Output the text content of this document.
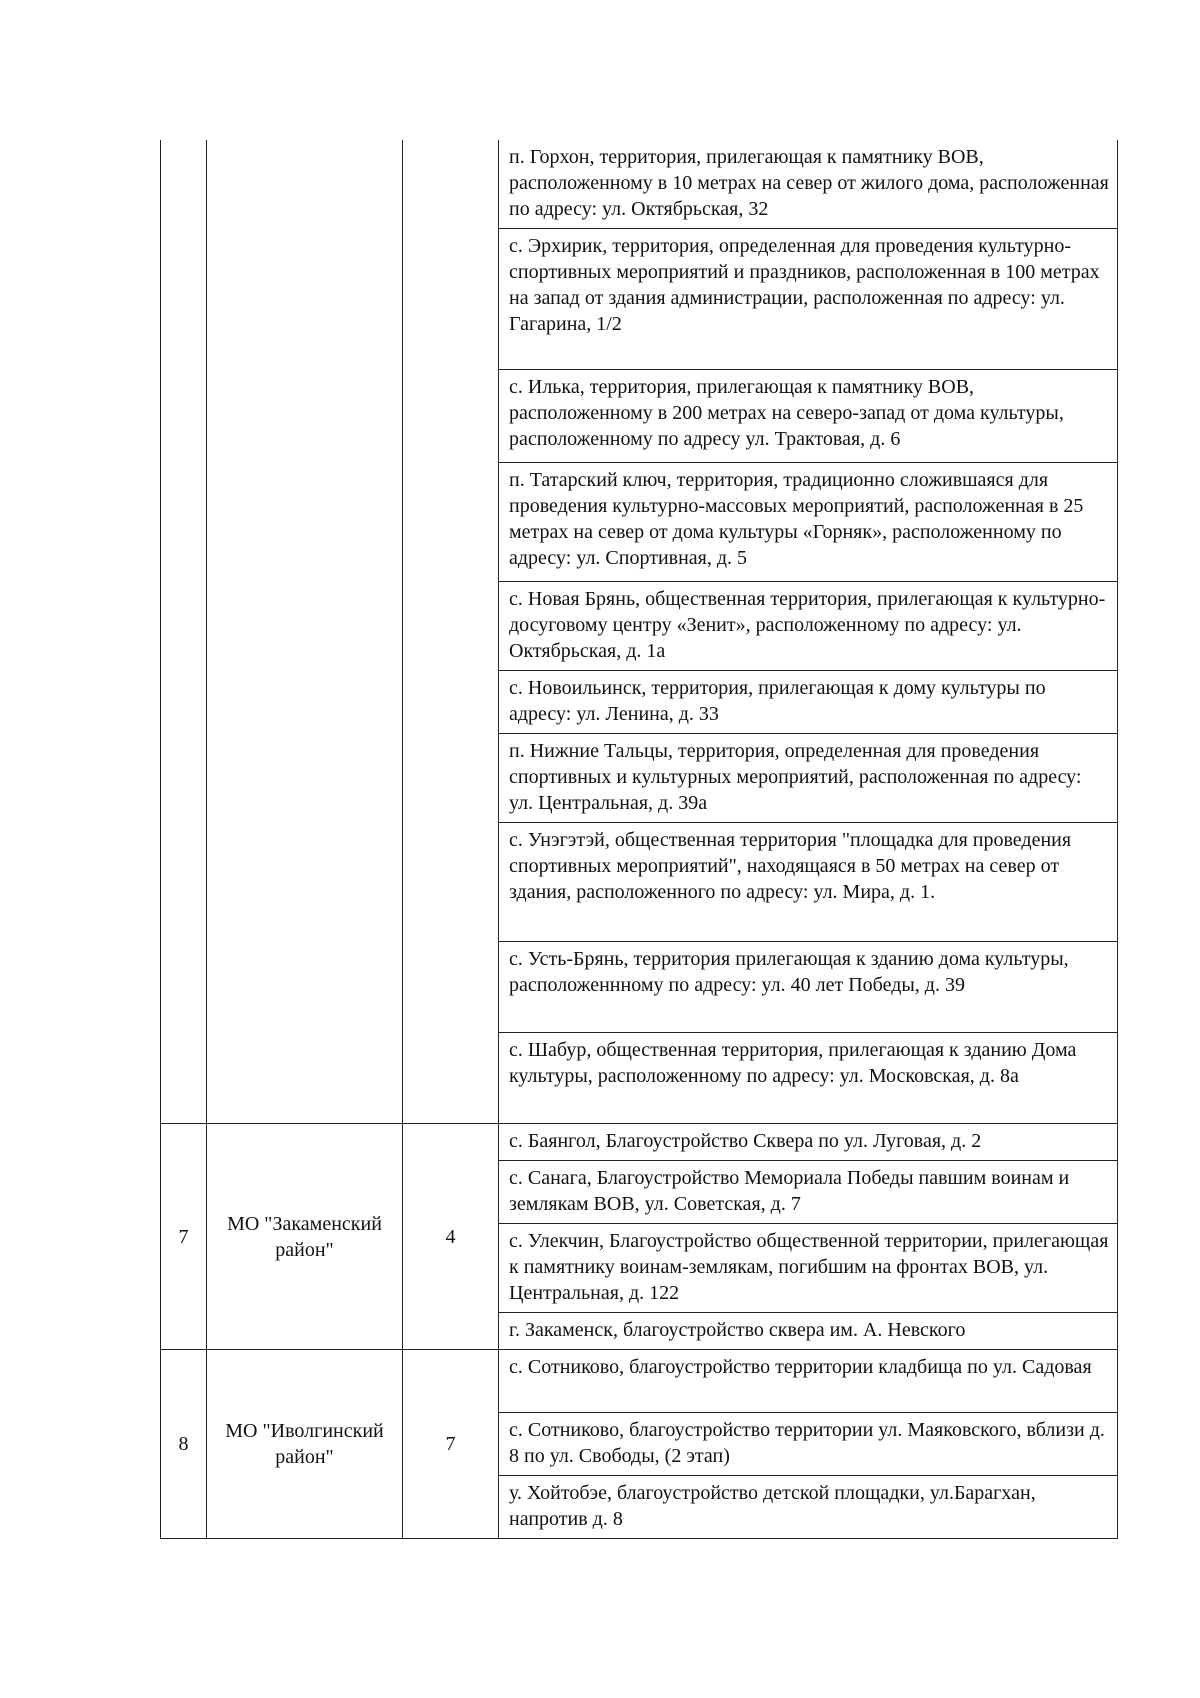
			п. Горхон, территория, прилегающая к памятнику ВОВ, расположенному в 10 метрах на север от жилого дома, расположенная по адресу: ул. Октябрьская, 32
			с. Эрхирик, территория, определенная для проведения культурно-спортивных мероприятий и праздников, расположенная в 100 метрах на запад от здания администрации, расположенная по адресу: ул. Гагарина, 1/2
			с. Илька, территория, прилегающая к памятнику ВОВ, расположенному в 200 метрах на северо-запад от дома культуры, расположенному по адресу ул. Трактовая, д. 6
			п. Татарский ключ, территория, традиционно сложившаяся для проведения культурно-массовых мероприятий, расположенная в 25 метрах на север от дома культуры «Горняк», расположенному по адресу: ул. Спортивная, д. 5
			с. Новая Брянь, общественная территория, прилегающая к культурно-досуговому центру «Зенит», расположенному по адресу: ул. Октябрьская, д. 1а
			с. Новоильинск, территория, прилегающая к дому культуры по адресу: ул. Ленина, д. 33
			п. Нижние Тальцы, территория, определенная для проведения спортивных и культурных мероприятий, расположенная по адресу: ул. Центральная, д. 39а
			с. Унэгэтэй, общественная территория "площадка для проведения спортивных мероприятий", находящаяся в 50 метрах на север от здания, расположенного по адресу: ул. Мира, д. 1.
			с. Усть-Брянь, территория прилегающая к зданию дома культуры, расположеннному по адресу: ул. 40 лет Победы, д. 39
			с. Шабур, общественная территория, прилегающая к зданию Дома культуры, расположенному по адресу: ул. Московская, д. 8а
7	МО "Закаменский район"	4	с. Баянгол, Благоустройство Сквера по ул. Луговая, д. 2
			с. Санага, Благоустройство Мемориала Победы павшим воинам и землякам ВОВ, ул. Советская, д. 7
			с. Улекчин, Благоустройство общественной территории, прилегающая к памятнику воинам-землякам, погибшим на фронтах ВОВ, ул. Центральная, д. 122
			г. Закаменск, благоустройство сквера им. А. Невского
8	МО "Иволгинский район"	7	с. Сотниково, благоустройство территории кладбища по ул. Садовая
			с. Сотниково, благоустройство территории ул. Маяковского, вблизи д. 8 по ул. Свободы, (2 этап)
			у. Хойтобэе, благоустройство детской площадки, ул.Барагхан, напротив д. 8
